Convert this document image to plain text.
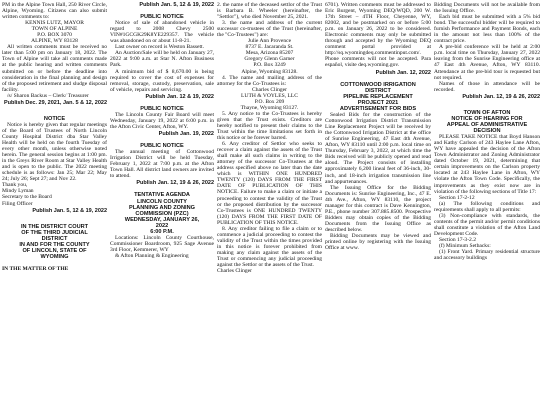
PM in the Alpine Town Hall, 250 River Circle, Alpine, Wyoming. Citizens can also submit written comments to:

KENNIS LUTZ, MAYOR

TOWN OF ALPINE

P.O. BOX 3070

ALPINE, WY 83128

All written comments must be received no later than 5:00 pm on January 18, 2022. The Town of Alpine will take all comments made at the public hearing and written comments submitted on or before the deadline into consideration in the final planning and design of the proposed retirement and sludge disposal facility.

/s/ Sharon Backus – Clerk/ Treasurer

Publish Dec. 29, 2021, Jan. 5 & 12, 2022

NOTICE

Notice is hereby given that regular meetings of the Board of Trustees of North Lincoln County Hospital District dba Star Valley Health will be held on the fourth Tuesday of every other month, unless otherwise noted herein. The general session begins at 1:00 pm. in the Greys River Room at Star Valley Health and is open to the public. The 2022 meeting schedule is as follows: Jan 25; Mar 22; May 24; July 26; Sept 27; and Nov 22.

Thank you,

Mindy Lyman

Secretary to the Board

Filing Officer

Publish Jan. 5, 12 & 19, 2022

IN THE DISTRICT COURT

OF THE THIRD JUDICIAL

DISTRICT

IN AND FOR THE COUNTY

OF LINCOLN, STATE OF

WYOMING

IN THE MATTER OF THE

Publish Jan. 5, 12 & 19, 2022

PUBLIC NOTICE

Notice of sale of abandoned vehicle in regard to 2008 Chevy 2500 VIN#1GCGK29K8YE229357. The vehicle was abandoned on or about 11-8-21.

Last owner on record is Weston Bassett.

An Auction/Sale will be held on January 27, 2022 at 9:00 a.m. at Star N. Afton Business Park.

A minimum bid of $ 8,670.00 is being required to cover the cost of expenses for removal, storage, custody, preservation, sale of vehicle, repairs and servicing.

Publish Jan. 12 & 19, 2022

PUBLIC NOTICE

The Lincoln County Fair Board will meet Wednesday, January 19, 2022 at 6:00 p.m. in the Afton Civic Center, Afton, WY.

Publish Jan. 19, 2022

PUBLIC NOTICE

The annual meeting of Cottonwood Irrigation District will be held Tuesday, February 1, 2022 at 7:00 p.m. at the Afton Town Hall. All district land owners are invited to attend.

Publish Jan. 12, 19 & 26, 2022

TENTATIVE AGENDA

LINCOLN COUNTY

PLANNING AND ZONING

COMMISSION (PZC)

WEDNESDAY, JANUARY 26,

2022

6:00 P.M.

Locations: Lincoln County Courthouse, Commissioner Boardroom, 925 Sage Avenue 3rd Floor, Kemmerer, WY

& Afton Planning & Engineering

2. the name of the deceased settlor of the Trust is Barbara B. Wheeler (hereinafter, the "Settlor"), who died November 25, 2021.

3. the name and address of the current successor co-trustees of the Trust (hereinafter, the "Co-Trustees") are:

Julie Ann Provence

8737 E. Jacaranda St.

Mesa, Arizona 85207

Gregory Glenn Garner

P.O. Box 3249

Alpine, Wyoming 83128.

4. The name and mailing address of the attorney for the Co-Trustees is:

Charles Clinger

LUTH & VOYLES, LLC

P.O. Box 209

Thayne, Wyoming 83127.

5. Any notice to the Co-Trustees is hereby given that the Trust exists. Creditors are hereby notified to present their claims to the Trust within the time limitations set forth in this notice or be forever barred.

6. Any creditor of Settlor who seeks to recover a claim against the assets of the Trust shall make all such claims in writing to the attorney of the successor Co-Trustees at the address specified above no later than the date which is WITHIN ONE HUNDRED TWENTY (120) DAYS FROM THE FIRST DATE OF PUBLICATION OF THIS NOTICE. Failure to make a claim or initiate a proceeding to contest the validity of the Trust or the proposed distribution by the successor Co-Trustees is ONE HUNDRED TWENTY (120) DAYS FROM THE FIRST DATE OF PUBLICATION OF THIS NOTICE.

8. Any creditor failing to file a claim or to commence a judicial proceeding to contest the validity of the Trust within the times provided in this notice is forever prohibited from making any claim against the assets of the Trust or commencing any judicial proceeding against the Settlor or the assets of the Trust.

Charles Clinger

6701). Written comments must be addressed to Eric Burgent, Wyoming DEQ/WQD, 200 W. 17th Street – 4TH Floor, Cheyenne, WY, 82002, and be postmarked on or before 5:00 p.m. on January 26, 2022 to be considered. Electronic comments may only be submitted through and accepted by the Wyoming DEQ comment portal provided at http://sq.wyomingdeq.commentinput.com/. Phone comments will not be accepted. Para español, visite deq.wyoming.gov.

Publish Jan. 12, 2022

COTTONWOOD IRRIGATION

DISTRICT

PIPELINE REPLACEMENT

PROJECT 2021

ADVERTISEMENT FOR BIDS

Sealed Bids for the construction of the Cottonwood Irrigation District Transmission Line Replacement Project will be received by the Cottonwood Irrigation District at the office of Sunrise Engineering, 47 East 4th Avenue, Afton, WY 83110 until 2:00 p.m. local time on Thursday, February 3, 2022, at which time the Bids received will be publicly opened and read aloud. The Project consists of installing approximately 6,200 lineal feet of 36-inch, 30-inch, and 18-inch irrigation transmission line and appurtenances.

The Issuing Office for the Bidding Documents is: Sunrise Engineering, Inc., 47 E. 4th Ave., Afton, WY 83110, the project manager for this contract is Dave Kennington, P.E., phone number 307.885.8500. Prospective Bidders may obtain copies of the Bidding Documents from the Issuing Office as described below.

Bidding Documents may be viewed and printed online by registering with the Issuing Office at www.

Bidding Documents will not be available from the Issuing Office.

Each bid must be submitted with a 5% bid bond. The successful bidder will be required to furnish Performance and Payment Bonds, each in the amount not less than 100% of the contract price.

A pre-bid conference will be held at 2:00 p.m. local time on Thursday, January 27, 2022 leaving from the Sunrise Engineering office at 47 East 4th Avenue, Afton, WY 83110. Attendance at the pre-bid tour is requested but not required.

Names of those in attendance will be recorded.

Publish Jan. 12, 19 & 26, 2022

TOWN OF AFTON

NOTICE OF HEARING FOR

APPEAL OF ADMINISTRATIVE

DECISION

PLEASE TAKE NOTICE that Boyd Hanson and Kathy Carlson of 243 Haylee Lane Afton, WY have appealed the decision of the Afton Town Administrator and Zoning Administrator dated October 19, 2021, determining that certain improvements on the Carlson property located at 243 Haylee Lane in Afton, WY violate the Afton Town Code. Specifically, the improvements as they exist now are in violation of the following sections of Title 17:

Section 17-2-12

(a) The following conditions and requirements shall apply to all permits:

(3) Non-compliance with standards, the contents of the permit and/or permit conditions shall constitute a violation of the Afton Land Development Code.

Section 17-3-2.2

(f) Minimum Setbacks:

(1) Front Yard. Primary residential structure and accessory buildings
